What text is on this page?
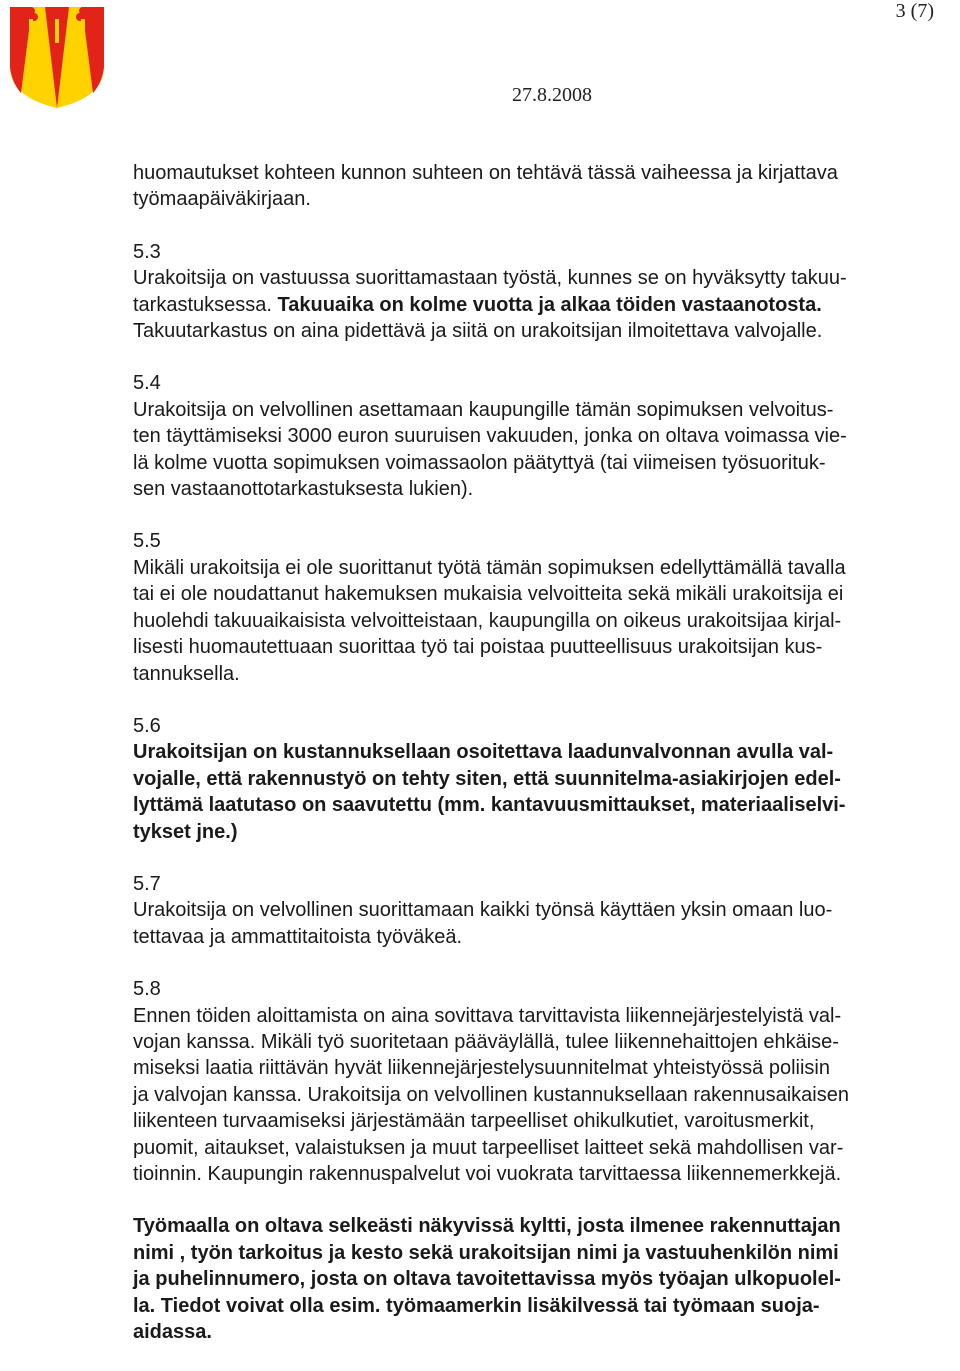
3 (7)
27.8.2008
huomautukset kohteen kunnon suhteen on tehtävä tässä vaiheessa ja kirjattava
työmaapäiväkirjaan.
5.3
Urakoitsija on vastuussa suorittamastaan työstä, kunnes se on hyväksytty takuu-
tarkastuksessa. Takuuaika on kolme vuotta ja alkaa töiden vastaanotosta.
Takuutarkastus on aina pidettävä ja siitä on urakoitsijan ilmoitettava valvojalle.
5.4
Urakoitsija on velvollinen asettamaan kaupungille tämän sopimuksen velvoitus-
ten täyttämiseksi 3000 euron suuruisen vakuuden, jonka on oltava voimassa vie-
lä kolme vuotta sopimuksen voimassaolon päätyttyä (tai viimeisen työsuorituk-
sen vastaanottotarkastuksesta lukien).
5.5
Mikäli urakoitsija ei ole suorittanut työtä tämän sopimuksen edellyttämällä tavalla
tai ei ole noudattanut hakemuksen mukaisia velvoitteita sekä mikäli urakoitsija ei
huolehdi takuuaikaisista velvoitteistaan, kaupungilla on oikeus urakoitsijaa kirjal-
lisesti huomautettuaan suorittaa työ tai poistaa puutteellisuus urakoitsijan kus-
tannuksella.
5.6
Urakoitsijan on kustannuksellaan osoitettava laadunvalvonnan avulla val-
vojalle, että rakennustyö on tehty siten, että suunnitelma-asiakirjojen edel-
lyttämä laatutaso on saavutettu (mm. kantavuusmittaukset, materiaaliselvi-
tykset jne.)
5.7
Urakoitsija on velvollinen suorittamaan kaikki työnsä käyttäen yksin omaan luo-
tettavaa ja ammattitaitoista työväkeä.
5.8
Ennen töiden aloittamista on aina sovittava tarvittavista liikennejärjestelyistä val-
vojan kanssa. Mikäli työ suoritetaan pääväylällä, tulee liikennehaittojen ehkäise-
miseksi laatia riittävän hyvät liikennejärjestelysuunnitelmat yhteistyössä poliisin
ja valvojan kanssa. Urakoitsija on velvollinen kustannuksellaan rakennusaikaisen
liikenteen turvaamiseksi järjestämään tarpeelliset ohikulkutiet, varoitusmerkit,
puomit, aitaukset, valaistuksen ja muut tarpeelliset laitteet sekä mahdollisen var-
tioinnin. Kaupungin rakennuspalvelut voi vuokrata tarvittaessa liikennemerkkejä.
Työmaalla on oltava selkeästi näkyvissä kyltti, josta ilmenee rakennuttajan
nimi , työn tarkoitus ja kesto sekä urakoitsijan nimi ja vastuuhenkilön nimi
ja puhelinnumero, josta on oltava tavoitettavissa myös työajan ulkopuolel-
la. Tiedot voivat olla esim. työmaamerkin lisäkilvessä tai työmaan suoja-
aidassa.
